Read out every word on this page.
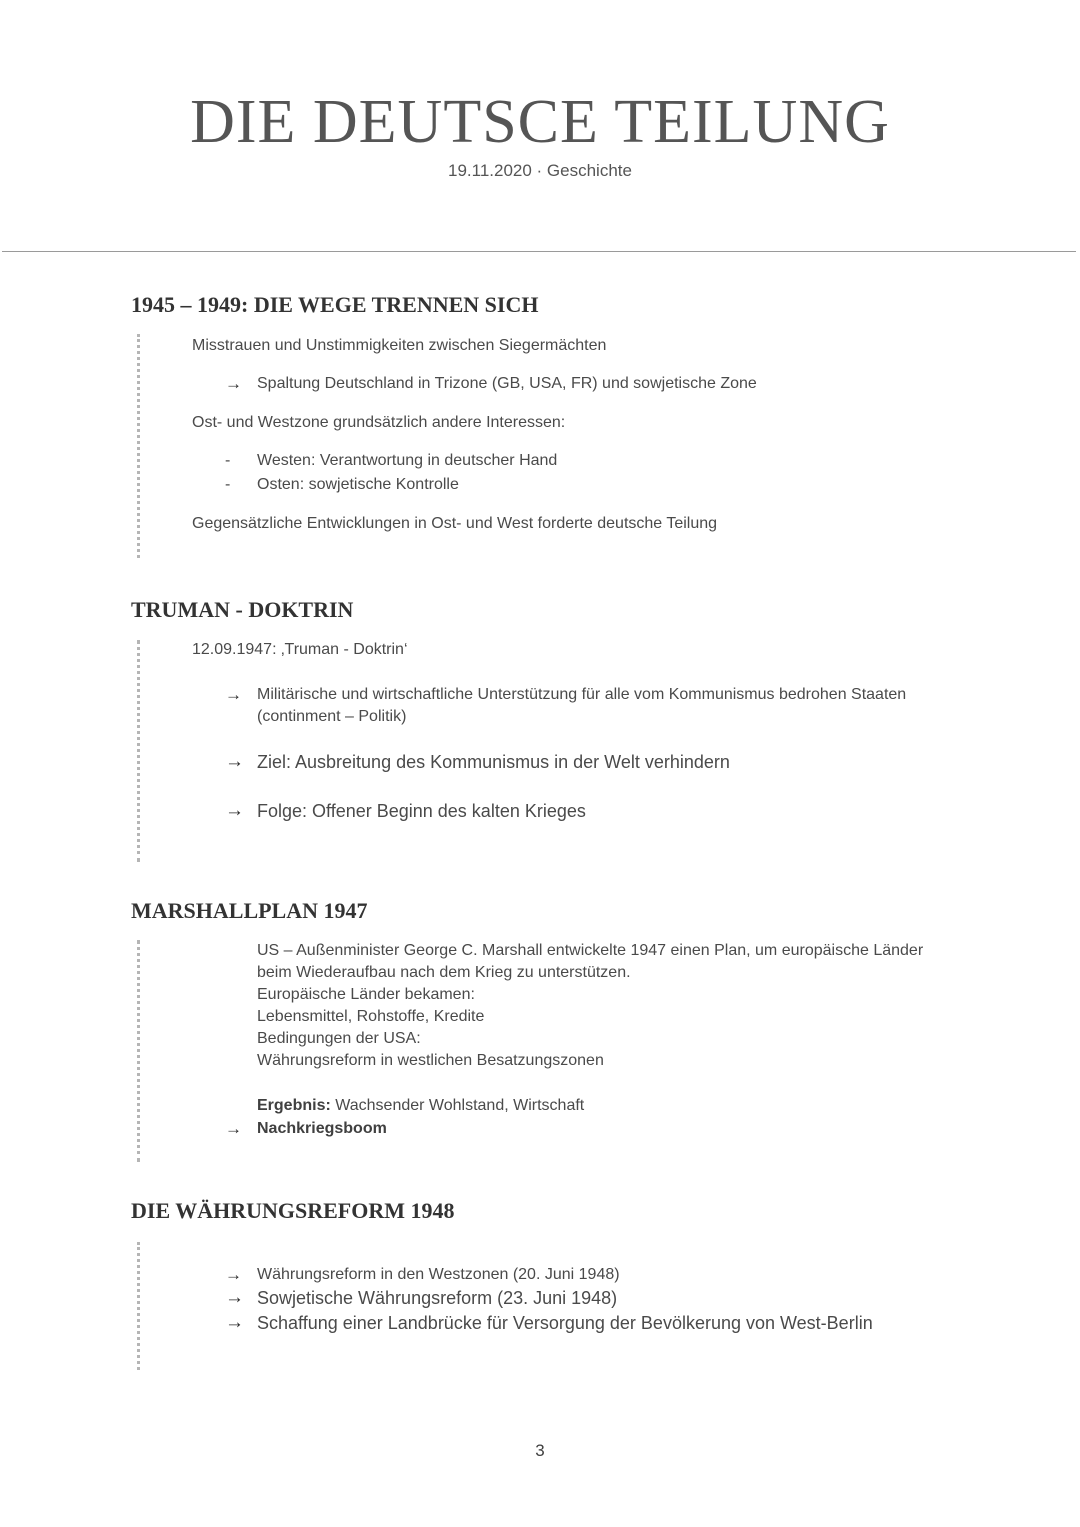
DIE DEUTSCE TEILUNG
19.11.2020 · Geschichte
1945 – 1949: DIE WEGE TRENNEN SICH
Misstrauen und Unstimmigkeiten zwischen Siegermächten
→ Spaltung Deutschland in Trizone (GB, USA, FR) und sowjetische Zone
Ost- und Westzone grundsätzlich andere Interessen:
- Westen: Verantwortung in deutscher Hand
- Osten: sowjetische Kontrolle
Gegensätzliche Entwicklungen in Ost- und West forderte deutsche Teilung
TRUMAN - DOKTRIN
12.09.1947: ‚Truman - Doktrin‘
→ Militärische und wirtschaftliche Unterstützung für alle vom Kommunismus bedrohen Staaten
(continment – Politik)
→ Ziel: Ausbreitung des Kommunismus in der Welt verhindern
→ Folge: Offener Beginn des kalten Krieges
MARSHALLPLAN 1947
US – Außenminister George C. Marshall entwickelte 1947 einen Plan, um europäische Länder
beim Wiederaufbau nach dem Krieg zu unterstützen.
Europäische Länder bekamen:
Lebensmittel, Rohstoffe, Kredite
Bedingungen der USA:
Währungsreform in westlichen Besatzungszonen
Ergebnis: Wachsender Wohlstand, Wirtschaft
→ Nachkriegsboom
DIE WÄHRUNGSREFORM 1948
→ Währungsreform in den Westzonen (20. Juni 1948)
→ Sowjetische Währungsreform (23. Juni 1948)
→ Schaffung einer Landbrücke für Versorgung der Bevölkerung von West-Berlin
3
